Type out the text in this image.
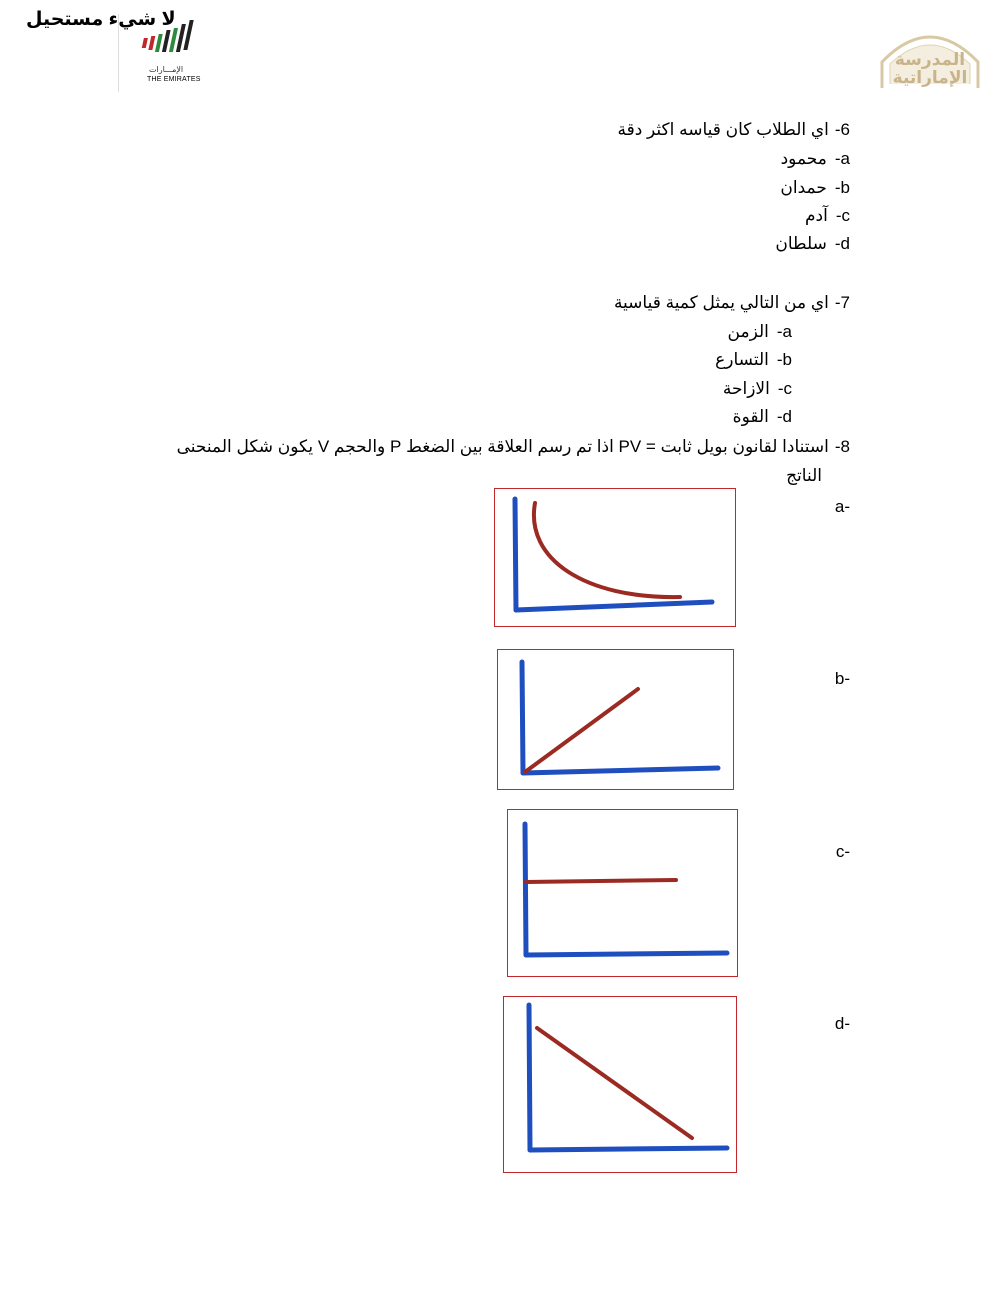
لا شيء مستحيل
الإمـــارات
THE EMIRATES
المدرسة
الإماراتية
6-اي الطلاب كان قياسه اكثر دقة
a-محمود
b-حمدان
c-آدم
d-سلطان
7-اي من التالي يمثل كمية قياسية
a-الزمن
b-التسارع
c-الازاحة
d-القوة
8-استنادا لقانون بويل ثابت = PV اذا تم رسم العلاقة بين الضغط P والحجم V يكون شكل المنحنى
الناتج
-a
-b
-c
-d
